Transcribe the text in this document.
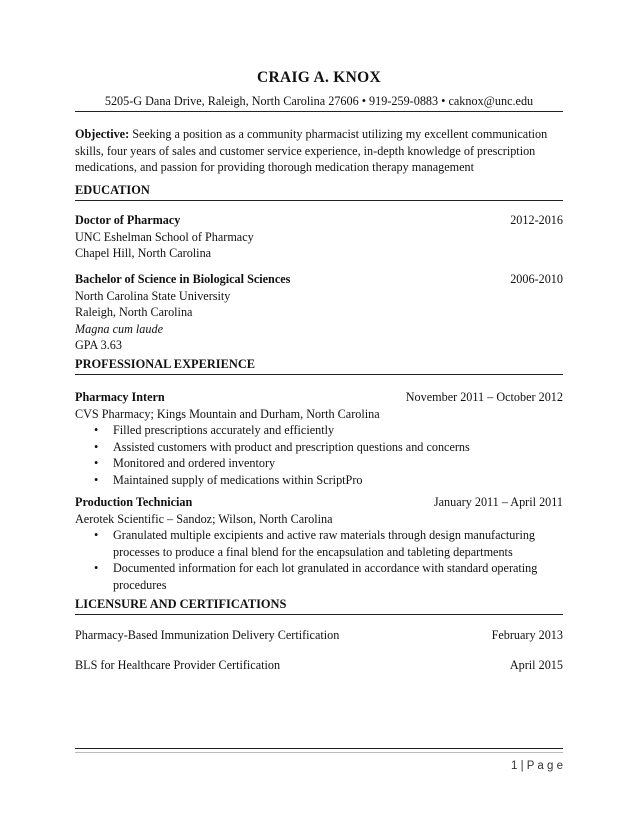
CRAIG A. KNOX
5205-G Dana Drive, Raleigh, North Carolina 27606 • 919-259-0883 • caknox@unc.edu
Objective: Seeking a position as a community pharmacist utilizing my excellent communication skills, four years of sales and customer service experience, in-depth knowledge of prescription medications, and passion for providing thorough medication therapy management
EDUCATION
Doctor of Pharmacy	2012-2016
UNC Eshelman School of Pharmacy
Chapel Hill, North Carolina
Bachelor of Science in Biological Sciences	2006-2010
North Carolina State University
Raleigh, North Carolina
Magna cum laude
GPA 3.63
PROFESSIONAL EXPERIENCE
Pharmacy Intern	November 2011 – October 2012
CVS Pharmacy; Kings Mountain and Durham, North Carolina
• Filled prescriptions accurately and efficiently
• Assisted customers with product and prescription questions and concerns
• Monitored and ordered inventory
• Maintained supply of medications within ScriptPro
Production Technician	January 2011 – April 2011
Aerotek Scientific – Sandoz; Wilson, North Carolina
• Granulated multiple excipients and active raw materials through design manufacturing processes to produce a final blend for the encapsulation and tableting departments
• Documented information for each lot granulated in accordance with standard operating procedures
LICENSURE AND CERTIFICATIONS
Pharmacy-Based Immunization Delivery Certification	February 2013
BLS for Healthcare Provider Certification	April 2015
1 | P a g e
